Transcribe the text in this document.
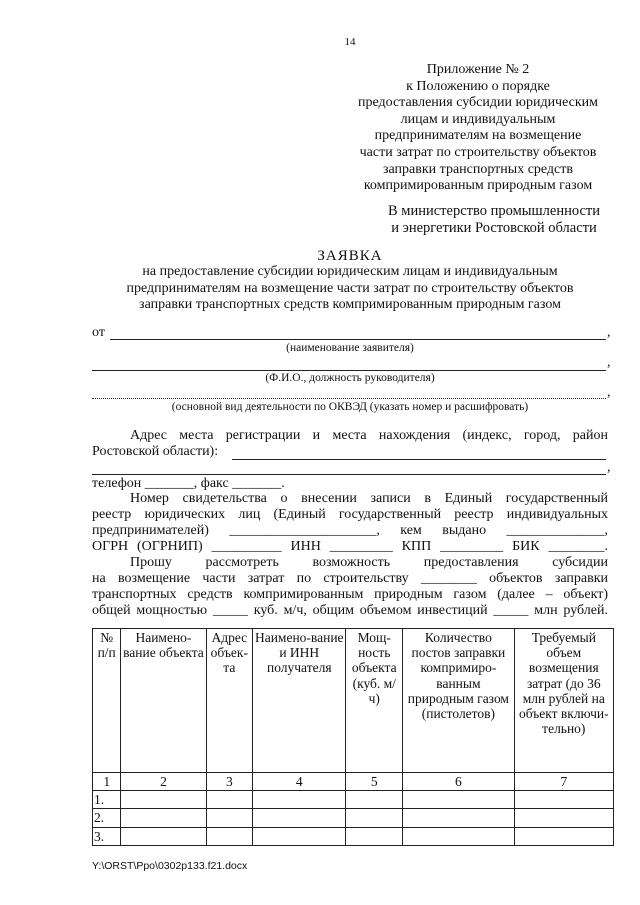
14
Приложение № 2
к Положению о порядке
предоставления субсидии юридическим
лицам и индивидуальным
предпринимателям на возмещение
части затрат по строительству объектов
заправки транспортных средств
компримированным природным газом
В министерство промышленности
и энергетики Ростовской области
ЗАЯВКА
на предоставление субсидии юридическим лицам и индивидуальным
предпринимателям на возмещение части затрат по строительству объектов
заправки транспортных средств компримированным природным газом
от	,
(наименование заявителя)
,
(Ф.И.О., должность руководителя)
,
(основной вид деятельности по ОКВЭД (указать номер и расшифровать)
Адрес места регистрации и места нахождения (индекс, город, район
Ростовской области):
,
телефон _______, факс _______.
Номер свидетельства о внесении записи в Единый государственный
реестр юридических лиц (Единый государственный реестр индивидуальных
предпринимателей) _____________________, кем выдано ______________,
ОГРН (ОГРНИП) __________ ИНН _________ КПП _________ БИК ________.
Прошу рассмотреть возможность предоставления субсидии
на возмещение части затрат по строительству ________ объектов заправки
транспортных средств компримированным природным газом (далее – объект)
общей мощностью _____ куб. м/ч, общим объемом инвестиций _____ млн рублей.
№ п/п	Наимено-вание объекта	Адрес объек-та	Наимено-вание и ИНН получателя	Мощ-ность объекта (куб. м/ч)	Количество постов заправки компримиро-ванным природным газом (пистолетов)	Требуемый объем возмещения затрат (до 36 млн рублей на объект включи-тельно)
1	2	3	4	5	6	7
1.						
2.						
3.						
Y:\ORST\Ppo\0302p133.f21.docx
